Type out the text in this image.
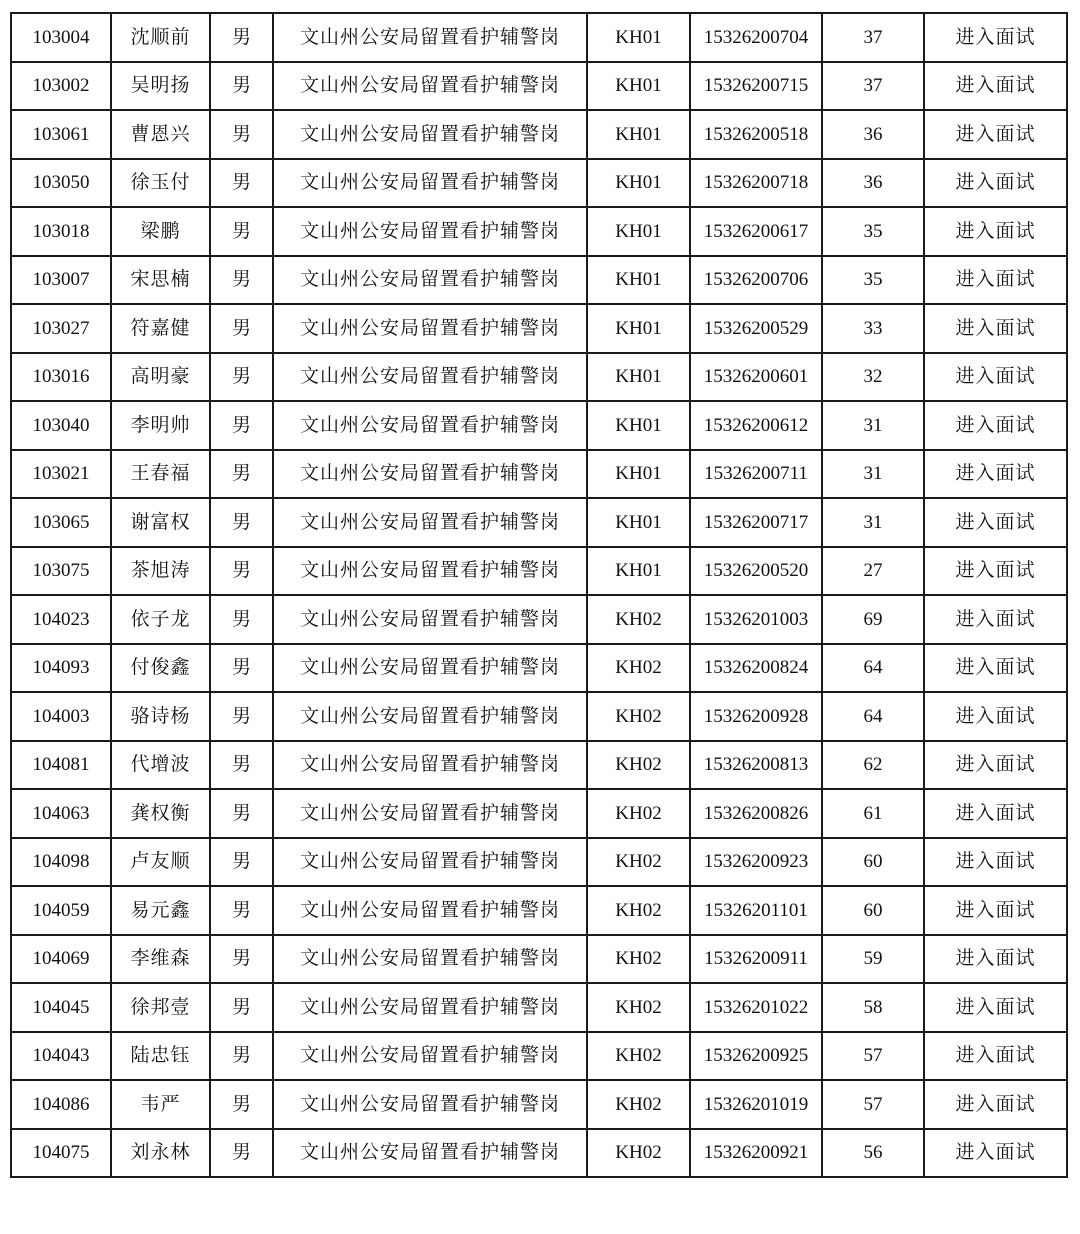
103004	沈顺前	男	文山州公安局留置看护辅警岗	KH01	15326200704	37	进入面试
103002	吴明扬	男	文山州公安局留置看护辅警岗	KH01	15326200715	37	进入面试
103061	曹恩兴	男	文山州公安局留置看护辅警岗	KH01	15326200518	36	进入面试
103050	徐玉付	男	文山州公安局留置看护辅警岗	KH01	15326200718	36	进入面试
103018	梁鹏	男	文山州公安局留置看护辅警岗	KH01	15326200617	35	进入面试
103007	宋思楠	男	文山州公安局留置看护辅警岗	KH01	15326200706	35	进入面试
103027	符嘉健	男	文山州公安局留置看护辅警岗	KH01	15326200529	33	进入面试
103016	高明豪	男	文山州公安局留置看护辅警岗	KH01	15326200601	32	进入面试
103040	李明帅	男	文山州公安局留置看护辅警岗	KH01	15326200612	31	进入面试
103021	王春福	男	文山州公安局留置看护辅警岗	KH01	15326200711	31	进入面试
103065	谢富权	男	文山州公安局留置看护辅警岗	KH01	15326200717	31	进入面试
103075	茶旭涛	男	文山州公安局留置看护辅警岗	KH01	15326200520	27	进入面试
104023	依子龙	男	文山州公安局留置看护辅警岗	KH02	15326201003	69	进入面试
104093	付俊鑫	男	文山州公安局留置看护辅警岗	KH02	15326200824	64	进入面试
104003	骆诗杨	男	文山州公安局留置看护辅警岗	KH02	15326200928	64	进入面试
104081	代增波	男	文山州公安局留置看护辅警岗	KH02	15326200813	62	进入面试
104063	龚权衡	男	文山州公安局留置看护辅警岗	KH02	15326200826	61	进入面试
104098	卢友顺	男	文山州公安局留置看护辅警岗	KH02	15326200923	60	进入面试
104059	易元鑫	男	文山州公安局留置看护辅警岗	KH02	15326201101	60	进入面试
104069	李维森	男	文山州公安局留置看护辅警岗	KH02	15326200911	59	进入面试
104045	徐邦壹	男	文山州公安局留置看护辅警岗	KH02	15326201022	58	进入面试
104043	陆忠钰	男	文山州公安局留置看护辅警岗	KH02	15326200925	57	进入面试
104086	韦严	男	文山州公安局留置看护辅警岗	KH02	15326201019	57	进入面试
104075	刘永林	男	文山州公安局留置看护辅警岗	KH02	15326200921	56	进入面试
